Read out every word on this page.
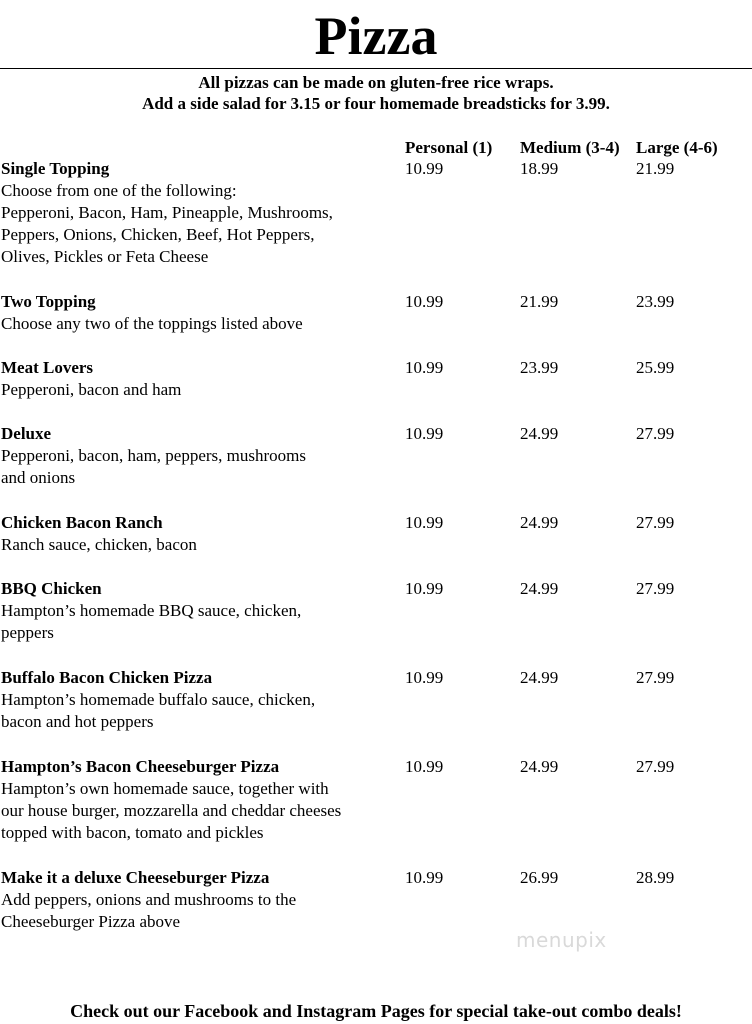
Pizza
All pizzas can be made on gluten-free rice wraps.
Add a side salad for 3.15 or four homemade breadsticks for 3.99.
Personal (1) Medium (3-4) Large (4-6)
Single Topping
Choose from one of the following:
Pepperoni, Bacon, Ham, Pineapple, Mushrooms,
Peppers, Onions, Chicken, Beef, Hot Peppers,
Olives, Pickles or Feta Cheese
10.99	18.99	21.99
Two Topping
Choose any two of the toppings listed above
10.99	21.99	23.99
Meat Lovers
Pepperoni, bacon and ham
10.99	23.99	25.99
Deluxe
Pepperoni, bacon, ham, peppers, mushrooms
and onions
10.99	24.99	27.99
Chicken Bacon Ranch
Ranch sauce, chicken, bacon
10.99	24.99	27.99
BBQ Chicken
Hampton’s homemade BBQ sauce, chicken,
peppers
10.99	24.99	27.99
Buffalo Bacon Chicken Pizza
Hampton’s homemade buffalo sauce, chicken,
bacon and hot peppers
10.99	24.99	27.99
Hampton’s Bacon Cheeseburger Pizza
Hampton’s own homemade sauce, together with
our house burger, mozzarella and cheddar cheeses
topped with bacon, tomato and pickles
10.99	24.99	27.99
Make it a deluxe Cheeseburger Pizza
Add peppers, onions and mushrooms to the
Cheeseburger Pizza above
10.99	26.99	28.99
menupix
Check out our Facebook and Instagram Pages for special take-out combo deals!
